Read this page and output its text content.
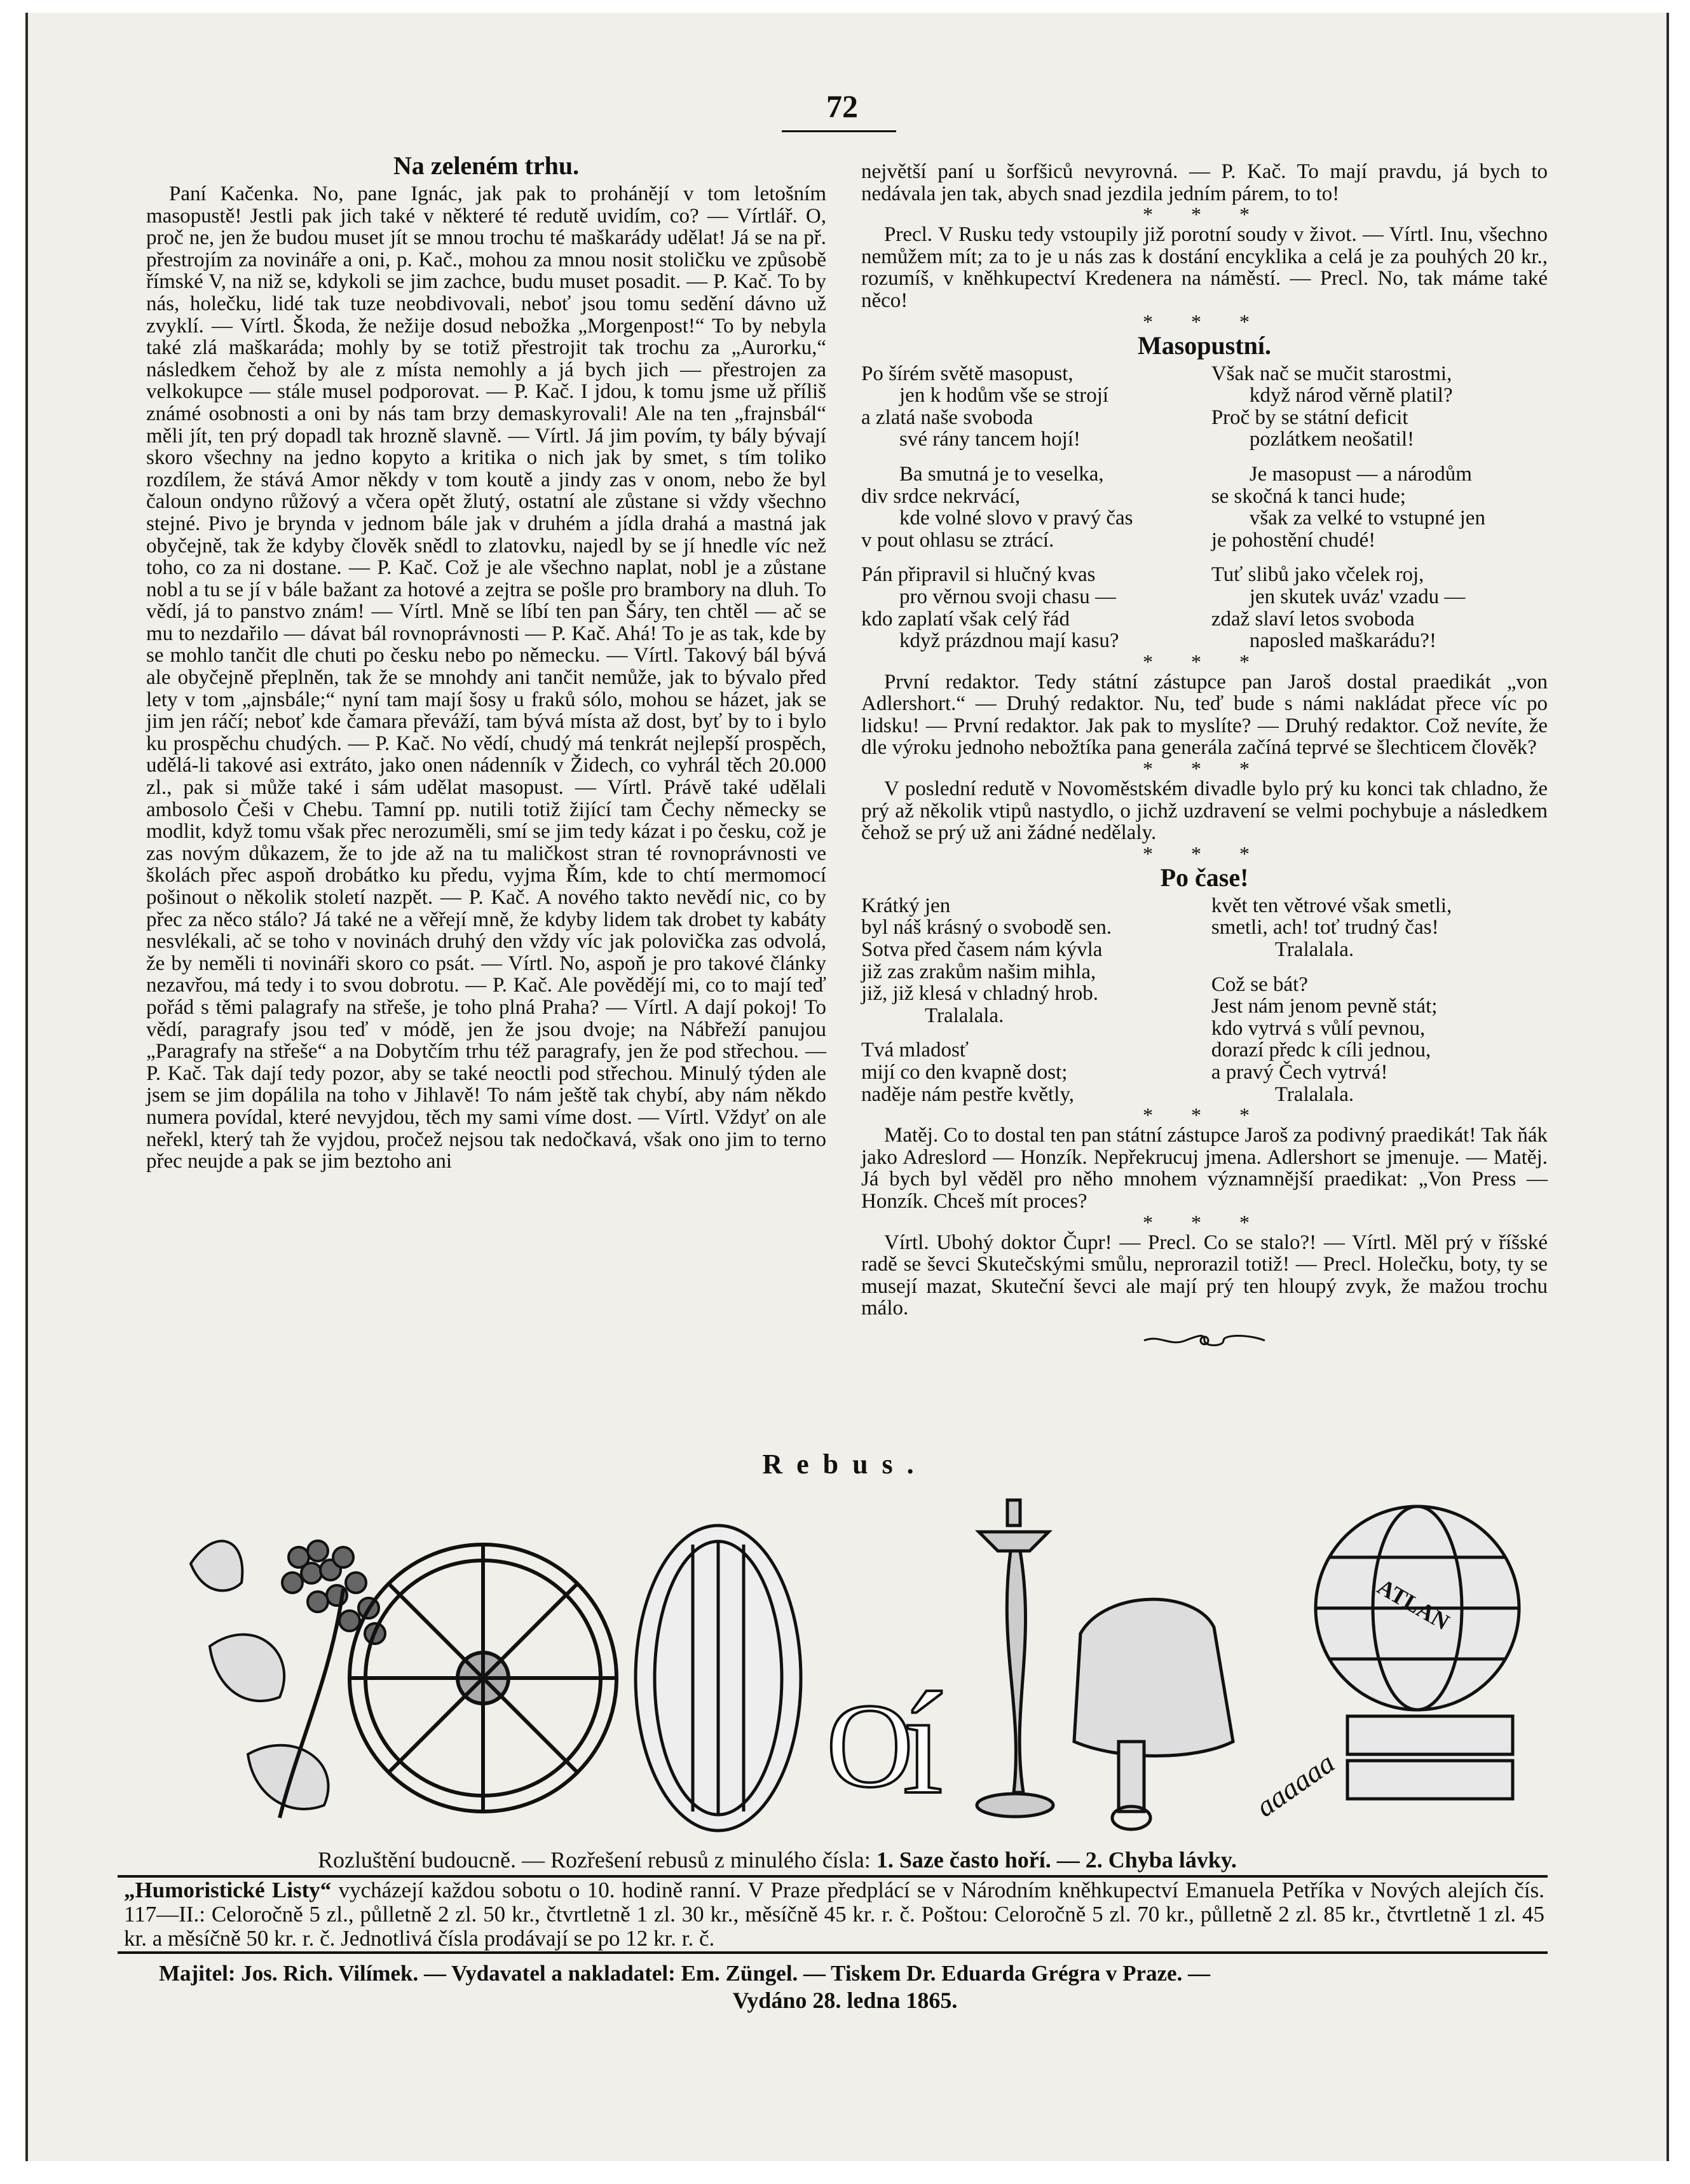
72
Na zeleném trhu.

Paní Kačenka. No, pane Ignác, jak pak to prohánějí v tom letošním masopustě! Jestli pak jich také v některé té redutě uvidím, co? — Vírtlář. O, proč ne, jen že budou muset jít se mnou trochu té maškarády udělat! Já se na př. přestrojím za novináře a oni, p. Kač., mohou za mnou nosit stoličku ve způsobě římské V, na niž se, kdykoli se jim zachce, budu muset posadit. — P. Kač. To by nás, holečku, lidé tak tuze neobdivovali, neboť jsou tomu sedění dávno už zvyklí. — Vírtl. Škoda, že nežije dosud nebožka „Morgenpost!“ To by nebyla také zlá maškaráda; mohly by se totiž přestrojit tak trochu za „Aurorku,“ následkem čehož by ale z místa nemohly a já bych jich — přestrojen za velkokupce — stále musel podporovat. — P. Kač. I jdou, k tomu jsme už příliš známé osobnosti a oni by nás tam brzy demaskyrovali! Ale na ten „frajnsbál“ měli jít, ten prý dopadl tak hrozně slavně. — Vírtl. Já jim povím, ty bály bývají skoro všechny na jedno kopyto a kritika o nich jak by smet, s tím toliko rozdílem, že stává Amor někdy v tom koutě a jindy zas v onom, nebo že byl čaloun ondyno růžový a včera opět žlutý, ostatní ale zůstane si vždy všechno stejné. Pivo je brynda v jednom bále jak v druhém a jídla drahá a mastná jak obyčejně, tak že kdyby člověk snědl to zlatovku, najedl by se jí hnedle víc než toho, co za ni dostane. — P. Kač. Což je ale všechno naplat, nobl je a zůstane nobl a tu se jí v bále bažant za hotové a zejtra se pošle pro brambory na dluh. To vědí, já to panstvo znám! — Vírtl. Mně se líbí ten pan Šáry, ten chtěl — ač se mu to nezdařilo — dávat bál rovnoprávnosti — P. Kač. Ahá! To je as tak, kde by se mohlo tančit dle chuti po česku nebo po německu. — Vírtl. Takový bál bývá ale obyčejně přeplněn, tak že se mnohdy ani tančit nemůže, jak to bývalo před lety v tom „ajnsbále;“ nyní tam mají šosy u fraků sólo, mohou se házet, jak se jim jen ráčí; neboť kde čamara převáží, tam bývá místa až dost, byť by to i bylo ku prospěchu chudých. — P. Kač. No vědí, chudý má tenkrát nejlepší prospěch, udělá-li takové asi extráto, jako onen nádenník v Židech, co vyhrál těch 20.000 zl., pak si může také i sám udělat masopust. — Vírtl. Právě také udělali ambosolo Češi v Chebu. Tamní pp. nutili totiž žijící tam Čechy německy se modlit, když tomu však přec nerozuměli, smí se jim tedy kázat i po česku, což je zas novým důkazem, že to jde až na tu maličkost stran té rovnoprávnosti ve školách přec aspoň drobátko ku předu, vyjma Řím, kde to chtí mermomocí pošinout o několik století nazpět. — P. Kač. A nového takto nevědí nic, co by přec za něco stálo? Já také ne a věřejí mně, že kdyby lidem tak drobet ty kabáty nesvlékali, ač se toho v novinách druhý den vždy víc jak polovička zas odvolá, že by neměli ti novináři skoro co psát. — Vírtl. No, aspoň je pro takové články nezavřou, má tedy i to svou dobrotu. — P. Kač. Ale povědějí mi, co to mají teď pořád s těmi palagrafy na střeše, je toho plná Praha? — Vírtl. A dají pokoj! To vědí, paragrafy jsou teď v módě, jen že jsou dvoje; na Nábřeží panujou „Paragrafy na střeše“ a na Dobytčím trhu též paragrafy, jen že pod střechou. — P. Kač. Tak dají tedy pozor, aby se také neoctli pod střechou. Minulý týden ale jsem se jim dopálila na toho v Jihlavě! To nám ještě tak chybí, aby nám někdo numera povídal, které nevyjdou, těch my sami víme dost. — Vírtl. Vždyť on ale neřekl, který tah že vyjdou, pročež nejsou tak nedočkavá, však ono jim to terno přec neujde a pak se jim beztoho ani

největší paní u šorfšiců nevyrovná. — P. Kač. To mají pravdu, já bych to nedávala jen tak, abych snad jezdila jedním párem, to to!

* * *

Precl. V Rusku tedy vstoupily již porotní soudy v život. — Vírtl. Inu, všechno nemůžem mít; za to je u nás zas k dostání encyklika a celá je za pouhých 20 kr., rozumíš, v kněhkupectví Kredenera na náměstí. — Precl. No, tak máme také něco!

* * *
Masopustní.
Po šírém světě masopust,
jen k hodům vše se strojí
a zlatá naše svoboda
své rány tancem hojí!
Ba smutná je to veselka,
div srdce nekrvácí,
kde volné slovo v pravý čas
v pout ohlasu se ztrácí.
Pán připravil si hlučný kvas
pro věrnou svoji chasu —
kdo zaplatí však celý řád
když prázdnou mají kasu?
Však nač se mučit starostmi,
když národ věrně platil?
Proč by se státní deficit
pozlátkem neošatil!
Je masopust — a národům
se skočná k tanci hude;
však za velké to vstupné jen
je pohostění chudé!
Tuť slibů jako včelek roj,
jen skutek uváz' vzadu —
zdaž slaví letos svoboda
naposled maškarádu?!
* * *

První redaktor. Tedy státní zástupce pan Jaroš dostal praedikát „von Adlershort.“ — Druhý redaktor. Nu, teď bude s námi nakládat přece víc po lidsku! — První redaktor. Jak pak to myslíte? — Druhý redaktor. Což nevíte, že dle výroku jednoho nebožtíka pana generála začíná teprvé se šlechticem člověk?

* * *

V poslední redutě v Novoměstském divadle bylo prý ku konci tak chladno, že prý až několik vtipů nastydlo, o jichž uzdravení se velmi pochybuje a následkem čehož se prý už ani žádné nedělaly.

* * *
Po čase!
Krátký jen
byl náš krásný o svobodě sen.
Sotva před časem nám kývla
již zas zrakům našim mihla,
již, již klesá v chladný hrob.
Tralalala.
Tvá mladosť
mijí co den kvapně dost;
naděje nám pestře květly,
květ ten větrové však smetli,
smetli, ach! toť trudný čas!
Tralalala.
Což se bát?
Jest nám jenom pevně stát;
kdo vytrvá s vůlí pevnou,
dorazí předc k cíli jednou,
a pravý Čech vytrvá!
Tralalala.
* * *

Matěj. Co to dostal ten pan státní zástupce Jaroš za podivný praedikát! Tak ňák jako Adreslord — Honzík. Nepřekrucuj jmena. Adlershort se jmenuje. — Matěj. Já bych byl věděl pro něho mnohem významnější praedikat: „Von Press — Honzík. Chceš mít proces?

* * *

Vírtl. Ubohý doktor Čupr! — Precl. Co se stalo?! — Vírtl. Měl prý v říšské radě se ševci Skutečskými smůlu, neprorazil totiž! — Precl. Holečku, boty, ty se musejí mazat, Skuteční ševci ale mají prý ten hloupý zvyk, že mažou trochu málo.

Rebus.
O
í	aaaaaa
ATLAN
Rozluštění budoucně. — Rozřešení rebusů z minulého čísla: 1. Saze často hoří. — 2. Chyba lávky.
„Humoristické Listy“ vycházejí každou sobotu o 10. hodině ranní. V Praze předplácí se v Národním kněhkupectví Emanuela Petříka v Nových alejích čís. 117—II.: Celoročně 5 zl., půlletně 2 zl. 50 kr., čtvrtletně 1 zl. 30 kr., měsíčně 45 kr. r. č. Poštou: Celoročně 5 zl. 70 kr., půlletně 2 zl. 85 kr., čtvrtletně 1 zl. 45 kr. a měsíčně 50 kr. r. č. Jednotlivá čísla prodávají se po 12 kr. r. č.
Majitel: Jos. Rich. Vilímek. — Vydavatel a nakladatel: Em. Züngel. — Tiskem Dr. Eduarda Grégra v Praze. —
Vydáno 28. ledna 1865.
